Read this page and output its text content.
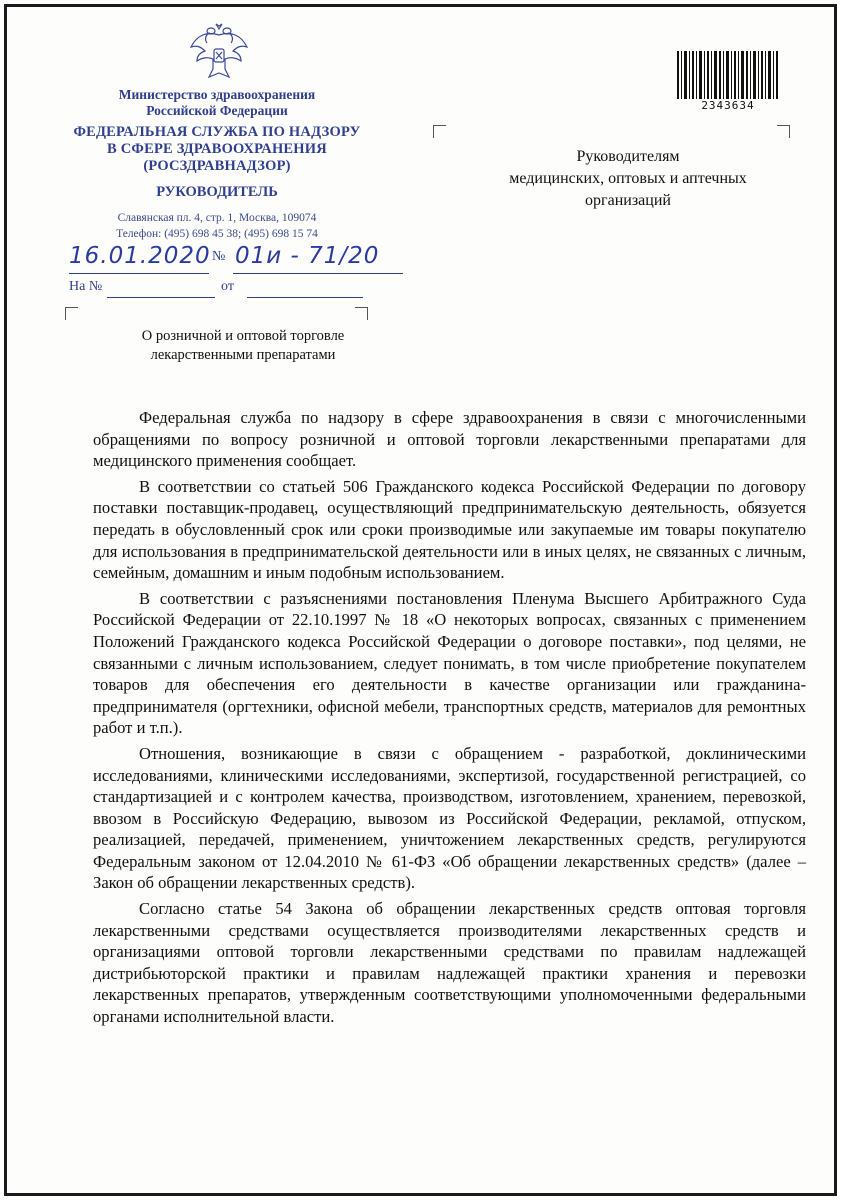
Министерство здравоохранения
Российской Федерации
ФЕДЕРАЛЬНАЯ СЛУЖБА ПО НАДЗОРУ
В СФЕРЕ ЗДРАВООХРАНЕНИЯ
(РОСЗДРАВНАДЗОР)
РУКОВОДИТЕЛЬ
Славянская пл. 4, стр. 1, Москва, 109074
Телефон: (495) 698 45 38; (495) 698 15 74
16.01.2020 № 01и - 71/20
На №	от
О розничной и оптовой торговле
лекарственными препаратами
2343634
Руководителям
медицинских, оптовых и аптечных
организаций

Федеральная служба по надзору в сфере здравоохранения в связи с многочисленными обращениями по вопросу розничной и оптовой торговли лекарственными препаратами для медицинского применения сообщает.

В соответствии со статьей 506 Гражданского кодекса Российской Федерации по договору поставки поставщик-продавец, осуществляющий предпринимательскую деятельность, обязуется передать в обусловленный срок или сроки производимые или закупаемые им товары покупателю для использования в предпринимательской деятельности или в иных целях, не связанных с личным, семейным, домашним и иным подобным использованием.

В соответствии с разъяснениями постановления Пленума Высшего Арбитражного Суда Российской Федерации от 22.10.1997 № 18 «О некоторых вопросах, связанных с применением Положений Гражданского кодекса Российской Федерации о договоре поставки», под целями, не связанными с личным использованием, следует понимать, в том числе приобретение покупателем товаров для обеспечения его деятельности в качестве организации или гражданина-предпринимателя (оргтехники, офисной мебели, транспортных средств, материалов для ремонтных работ и т.п.).

Отношения, возникающие в связи с обращением - разработкой, доклиническими исследованиями, клиническими исследованиями, экспертизой, государственной регистрацией, со стандартизацией и с контролем качества, производством, изготовлением, хранением, перевозкой, ввозом в Российскую Федерацию, вывозом из Российской Федерации, рекламой, отпуском, реализацией, передачей, применением, уничтожением лекарственных средств, регулируются Федеральным законом от 12.04.2010 № 61-ФЗ «Об обращении лекарственных средств» (далее – Закон об обращении лекарственных средств).

Согласно статье 54 Закона об обращении лекарственных средств оптовая торговля лекарственными средствами осуществляется производителями лекарственных средств и организациями оптовой торговли лекарственными средствами по правилам надлежащей дистрибьюторской практики и правилам надлежащей практики хранения и перевозки лекарственных препаратов, утвержденным соответствующими уполномоченными федеральными органами исполнительной власти.
